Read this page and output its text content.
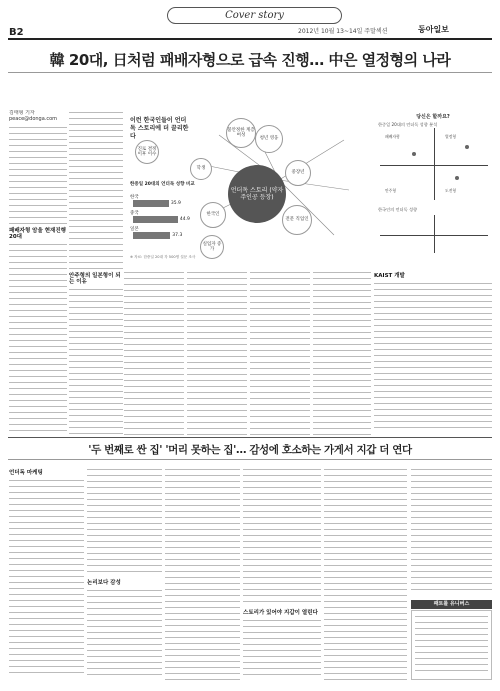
Cover story
B2	2012년 10월 13~14일 주말섹션	동아일보
韓 20대, 日처럼 패배자형으로 급속 진행… 中은 열정형의 나라
김태형 기자 peace@donga.com
패배자형 암울 현재진행 20대
안주형의 일본형이 되는 이유
KAIST 개발
이런 한국인들이 언더독 스토리에 더 끌리한다
진로 결정 이후 이수
불안정한 계층 여성
학생
한국인
청년 영웅
중장년
전문 직업인
실업자 증가
언더독 스토리 (약자 주인공 등장)
한중일 20대의 언더독 성향 비교
한국
35.9
중국
44.9
일본
37.3
※ 자료: 한중일 20대 각 500명 설문 조사
당신은 할까요?
한중일 20대의 언더독 성향 분석
열정형
패배자형
안주형	도전형
한국인의 언더독 성향
'두 번째로 싼 집' '머리 못하는 집'… 감성에 호소하는 가게서 지갑 더 연다
언더독 마케팅
논리보다 감성
스토리가 있어야 지갑이 열린다
패트롤 유니버스
